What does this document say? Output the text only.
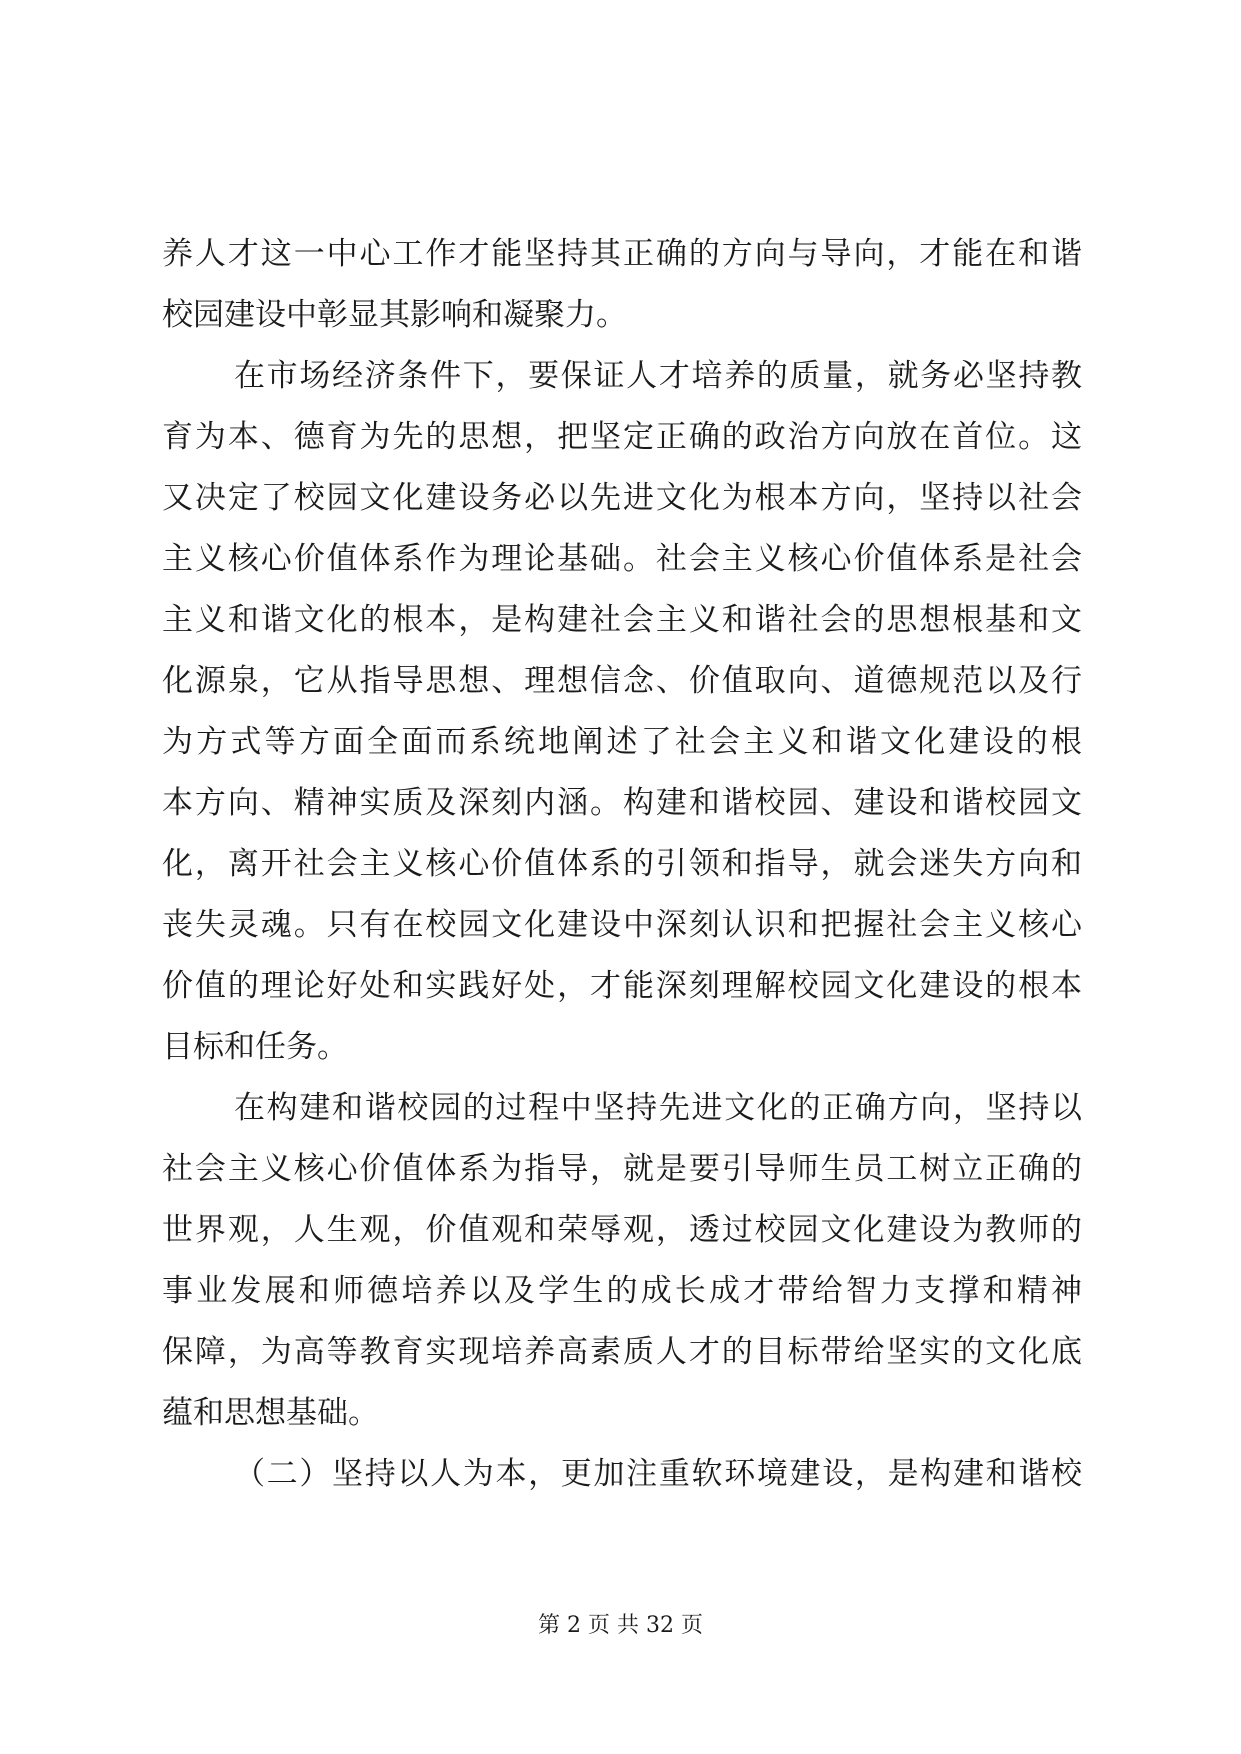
养人才这一中心工作才能坚持其正确的方向与导向，才能在和谐
校园建设中彰显其影响和凝聚力。
在市场经济条件下，要保证人才培养的质量，就务必坚持教
育为本、德育为先的思想，把坚定正确的政治方向放在首位。这
又决定了校园文化建设务必以先进文化为根本方向，坚持以社会
主义核心价值体系作为理论基础。社会主义核心价值体系是社会
主义和谐文化的根本，是构建社会主义和谐社会的思想根基和文
化源泉，它从指导思想、理想信念、价值取向、道德规范以及行
为方式等方面全面而系统地阐述了社会主义和谐文化建设的根
本方向、精神实质及深刻内涵。构建和谐校园、建设和谐校园文
化，离开社会主义核心价值体系的引领和指导，就会迷失方向和
丧失灵魂。只有在校园文化建设中深刻认识和把握社会主义核心
价值的理论好处和实践好处，才能深刻理解校园文化建设的根本
目标和任务。
在构建和谐校园的过程中坚持先进文化的正确方向，坚持以
社会主义核心价值体系为指导，就是要引导师生员工树立正确的
世界观，人生观，价值观和荣辱观，透过校园文化建设为教师的
事业发展和师德培养以及学生的成长成才带给智力支撑和精神
保障，为高等教育实现培养高素质人才的目标带给坚实的文化底
蕴和思想基础。
（二）坚持以人为本，更加注重软环境建设，是构建和谐校
第 2 页 共 32 页
